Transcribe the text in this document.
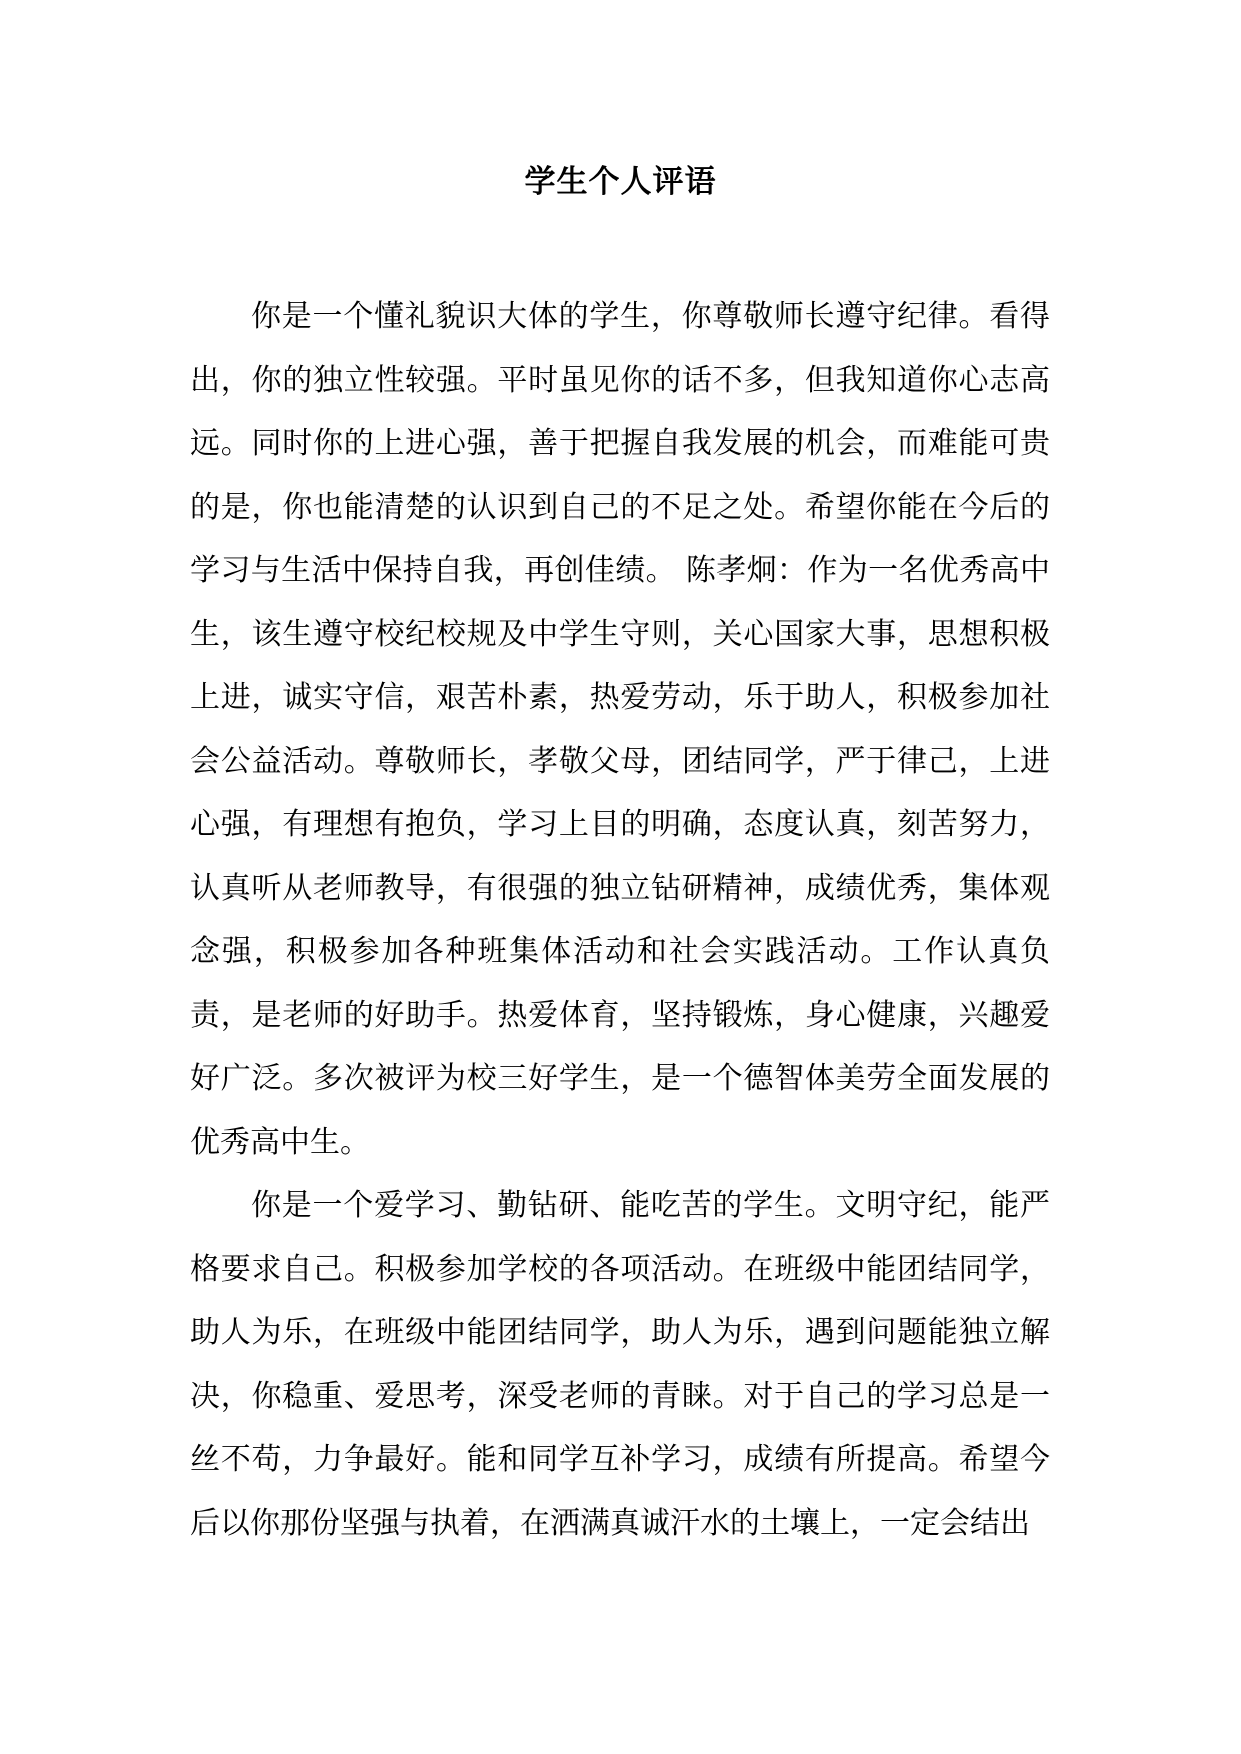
学生个人评语

你是一个懂礼貌识大体的学生，你尊敬师长遵守纪律。看得出，你的独立性较强。平时虽见你的话不多，但我知道你心志高远。同时你的上进心强，善于把握自我发展的机会，而难能可贵的是，你也能清楚的认识到自己的不足之处。希望你能在今后的学习与生活中保持自我，再创佳绩。 陈孝炯：作为一名优秀高中生，该生遵守校纪校规及中学生守则，关心国家大事，思想积极上进，诚实守信，艰苦朴素，热爱劳动，乐于助人，积极参加社会公益活动。尊敬师长，孝敬父母，团结同学，严于律己，上进心强，有理想有抱负，学习上目的明确，态度认真，刻苦努力，认真听从老师教导，有很强的独立钻研精神，成绩优秀，集体观念强，积极参加各种班集体活动和社会实践活动。工作认真负责，是老师的好助手。热爱体育，坚持锻炼，身心健康，兴趣爱好广泛。多次被评为校三好学生，是一个德智体美劳全面发展的优秀高中生。

你是一个爱学习、勤钻研、能吃苦的学生。文明守纪，能严格要求自己。积极参加学校的各项活动。在班级中能团结同学，助人为乐，在班级中能团结同学，助人为乐，遇到问题能独立解决，你稳重、爱思考，深受老师的青睐。对于自己的学习总是一丝不苟，力争最好。能和同学互补学习，成绩有所提高。希望今后以你那份坚强与执着，在洒满真诚汗水的土壤上，一定会结出
